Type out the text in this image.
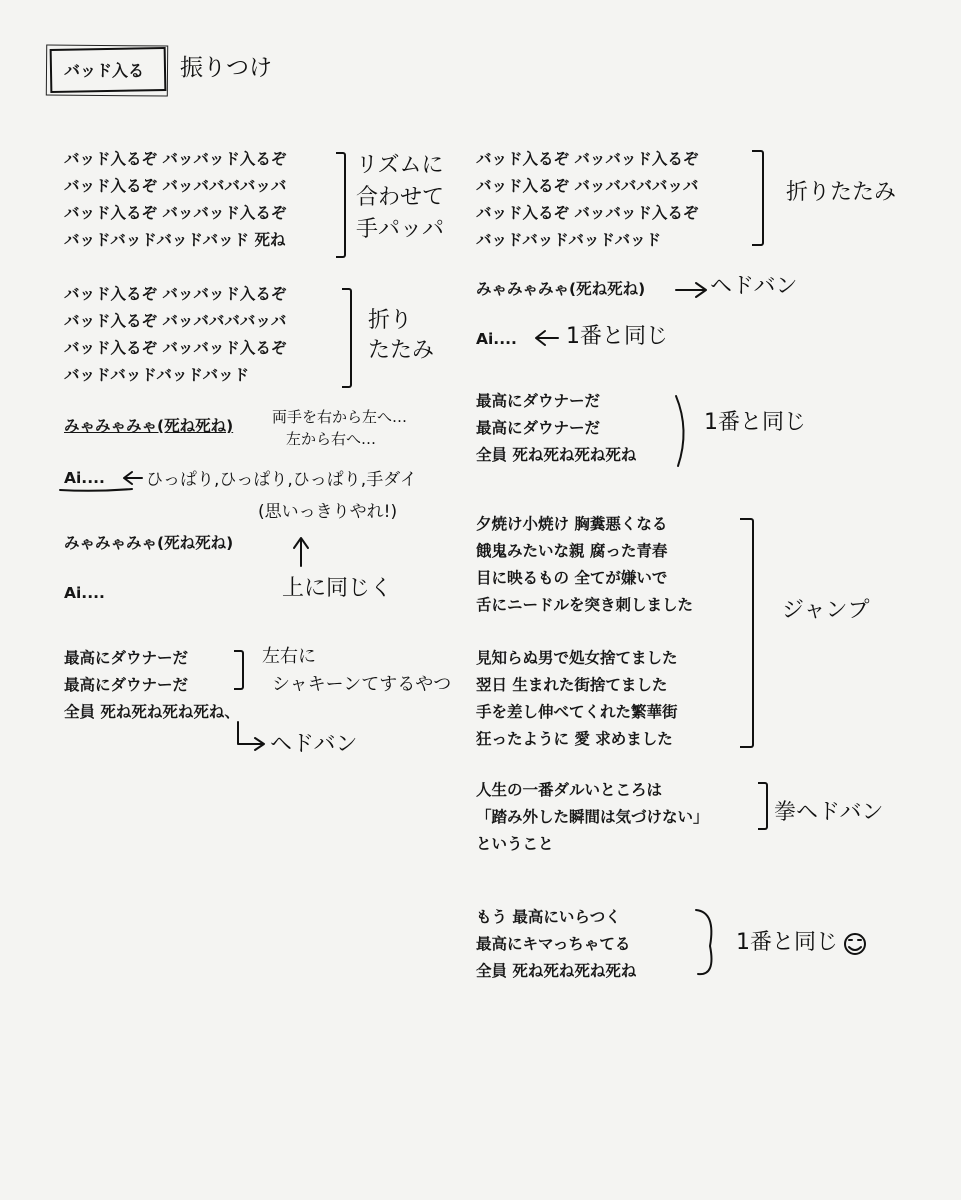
バッド入る 振りつけ
バッド入るぞ バッバッド入るぞ
バッド入るぞ バッババババッバ
バッド入るぞ バッバッド入るぞ
バッドバッドバッドバッド 死ね
リズムに
合わせて
手パッパ
バッド入るぞ バッバッド入るぞ
バッド入るぞ バッババババッバ
バッド入るぞ バッバッド入るぞ
バッドバッドバッドバッド
折り
たたみ
みゃみゃみゃ(死ね死ね)	両手を右から左へ…
左から右へ…
Ai.... ひっぱり,ひっぱり,ひっぱり,手ダイ
(思いっきりやれ!)
みゃみゃみゃ(死ね死ね)
Ai....	上に同じく
最高にダウナーだ
最高にダウナーだ
全員 死ね死ね死ね死ね、
左右に
シャキーンてするやつ
ヘドバン
バッド入るぞ バッバッド入るぞ
バッド入るぞ バッババババッバ
バッド入るぞ バッバッド入るぞ
バッドバッドバッドバッド
折りたたみ
みゃみゃみゃ(死ね死ね)	ヘドバン
Ai.... 1番と同じ
最高にダウナーだ
最高にダウナーだ
全員 死ね死ね死ね死ね
1番と同じ
夕焼け小焼け 胸糞悪くなる
餓鬼みたいな親 腐った青春
目に映るもの 全てが嫌いで
舌にニードルを突き刺しました
見知らぬ男で処女捨てました
翌日 生まれた街捨てました
手を差し伸べてくれた繁華街
狂ったように 愛 求めました
ジャンプ
人生の一番ダルいところは
「踏み外した瞬間は気づけない」
ということ
拳ヘドバン
もう 最高にいらつく
最高にキマっちゃてる
全員 死ね死ね死ね死ね
1番と同じ
